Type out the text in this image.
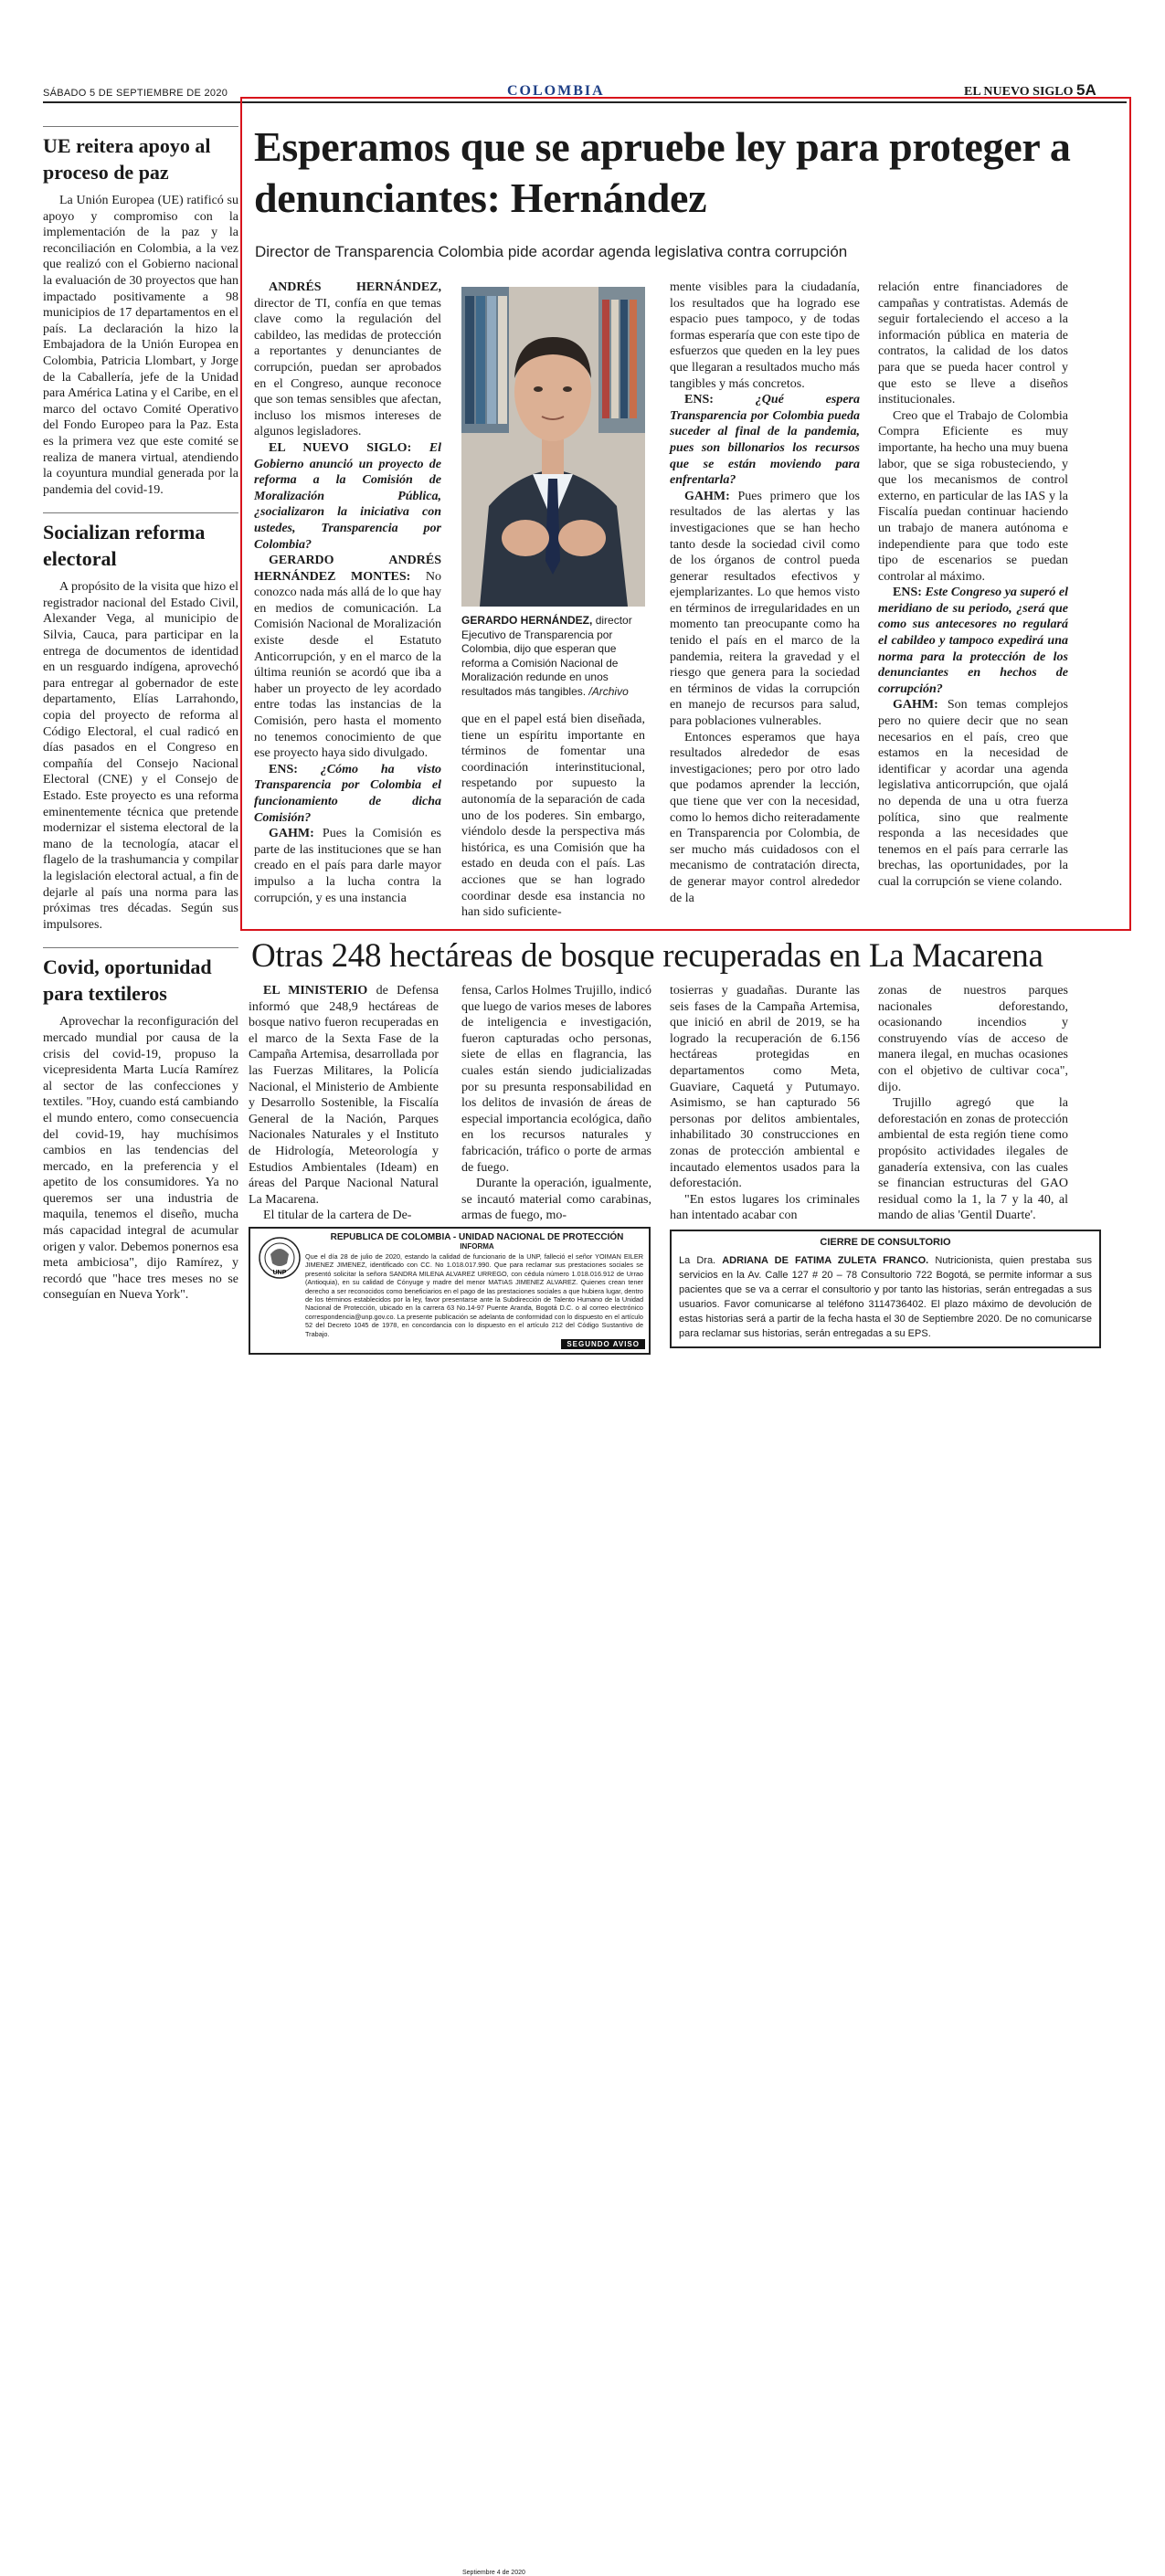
SÁBADO 5 DE SEPTIEMBRE DE 2020	COLOMBIA	EL NUEVO SIGLO 5A
UE reitera apoyo al proceso de paz
La Unión Europea (UE) ratificó su apoyo y compromiso con la implementación de la paz y la reconciliación en Colombia, a la vez que realizó con el Gobierno nacional la evaluación de 30 proyectos que han impactado positivamente a 98 municipios de 17 departamentos en el país. La declaración la hizo la Embajadora de la Unión Europea en Colombia, Patricia Llombart, y Jorge de la Caballería, jefe de la Unidad para América Latina y el Caribe, en el marco del octavo Comité Operativo del Fondo Europeo para la Paz. Esta es la primera vez que este comité se realiza de manera virtual, atendiendo la coyuntura mundial generada por la pandemia del covid-19.
Socializan reforma electoral
A propósito de la visita que hizo el registrador nacional del Estado Civil, Alexander Vega, al municipio de Silvia, Cauca, para participar en la entrega de documentos de identidad en un resguardo indígena, aprovechó para entregar al gobernador de este departamento, Elías Larrahondo, copia del proyecto de reforma al Código Electoral, el cual radicó en días pasados en el Congreso en compañía del Consejo Nacional Electoral (CNE) y el Consejo de Estado. Este proyecto es una reforma eminentemente técnica que pretende modernizar el sistema electoral de la mano de la tecnología, atacar el flagelo de la trashumancia y compilar la legislación electoral actual, a fin de dejarle al país una norma para las próximas tres décadas. Según sus impulsores.
Covid, oportunidad para textileros
Aprovechar la reconfiguración del mercado mundial por causa de la crisis del covid-19, propuso la vicepresidenta Marta Lucía Ramírez al sector de las confecciones y textiles. "Hoy, cuando está cambiando el mundo entero, como consecuencia del covid-19, hay muchísimos cambios en las tendencias del mercado, en la preferencia y el apetito de los consumidores. Ya no queremos ser una industria de maquila, tenemos el diseño, mucha más capacidad integral de acumular origen y valor. Debemos ponernos esa meta ambiciosa", dijo Ramírez, y recordó que "hace tres meses no se conseguían en Nueva York".
Esperamos que se apruebe ley para proteger a denunciantes: Hernández
Director de Transparencia Colombia pide acordar agenda legislativa contra corrupción

ANDRÉS HERNÁNDEZ, director de TI, confía en que temas clave como la regulación del cabildeo, las medidas de protección a reportantes y denunciantes de corrupción, puedan ser aprobados en el Congreso, aunque reconoce que son temas sensibles que afectan, incluso los mismos intereses de algunos legisladores.

EL NUEVO SIGLO: El Gobierno anunció un proyecto de reforma a la Comisión de Moralización Pública, ¿socializaron la iniciativa con ustedes, Transparencia por Colombia?

GERARDO ANDRÉS HERNÁNDEZ MONTES: No conozco nada más allá de lo que hay en medios de comunicación. La Comisión Nacional de Moralización existe desde el Estatuto Anticorrupción, y en el marco de la última reunión se acordó que iba a haber un proyecto de ley acordado entre todas las instancias de la Comisión, pero hasta el momento no tenemos conocimiento de que ese proyecto haya sido divulgado.

ENS: ¿Cómo ha visto Transparencia por Colombia el funcionamiento de dicha Comisión?

GAHM: Pues la Comisión es parte de las instituciones que se han creado en el país para darle mayor impulso a la lucha contra la corrupción, y es una instancia

GERARDO HERNÁNDEZ, director Ejecutivo de Transparencia por Colombia, dijo que esperan que reforma a Comisión Nacional de Moralización redunde en unos resultados más tangibles. /Archivo

que en el papel está bien diseñada, tiene un espíritu importante en términos de fomentar una coordinación interinstitucional, respetando por supuesto la autonomía de la separación de cada uno de los poderes. Sin embargo, viéndolo desde la perspectiva más histórica, es una Comisión que ha estado en deuda con el país. Las acciones que se han logrado coordinar desde esa instancia no han sido suficiente-

mente visibles para la ciudadanía, los resultados que ha logrado ese espacio pues tampoco, y de todas formas esperaría que con este tipo de esfuerzos que queden en la ley pues que llegaran a resultados mucho más tangibles y más concretos.

ENS:	¿Qué espera Transparencia por Colombia pueda suceder al final de la pandemia, pues son billonarios los recursos que se están moviendo para enfrentarla?

GAHM: Pues primero que los resultados de las alertas y las investigaciones que se han hecho tanto desde la sociedad civil como de los órganos de control pueda generar resultados efectivos y ejemplarizantes. Lo que hemos visto en términos de irregularidades en un momento tan preocupante como ha tenido el país en el marco de la pandemia, reitera la gravedad y el riesgo que genera para la sociedad en términos de vidas la corrupción en manejo de recursos para salud, para poblaciones vulnerables.

Entonces esperamos que haya resultados alrededor de esas investigaciones; pero por otro lado que podamos aprender la lección, que tiene que ver con la necesidad, como lo hemos dicho reiteradamente en Transparencia por Colombia, de ser mucho más cuidadosos con el mecanismo de contratación directa, de generar mayor control alrededor de la

relación entre financiadores de campañas y contratistas. Además de seguir fortaleciendo el acceso a la información pública en materia de contratos, la calidad de los datos para que se pueda hacer control y que esto se lleve a diseños institucionales.

Creo que el Trabajo de Colombia Compra Eficiente es muy importante, ha hecho una muy buena labor, que se siga robusteciendo, y que los mecanismos de control externo, en particular de las IAS y la Fiscalía puedan continuar haciendo un trabajo de manera autónoma e independiente para que todo este tipo de escenarios se puedan controlar al máximo.

ENS: Este Congreso ya superó el meridiano de su periodo, ¿será que como sus antecesores no regulará el cabildeo y tampoco expedirá una norma para la protección de los denunciantes en hechos de corrupción?

GAHM: Son temas complejos pero no quiere decir que no sean necesarios en el país, creo que estamos en la necesidad de identificar y acordar una agenda legislativa anticorrupción, que ojalá no dependa de una u otra fuerza política, sino que realmente responda a las necesidades que tenemos en el país para cerrarle las brechas, las oportunidades, por la cual la corrupción se viene colando.

Otras 248 hectáreas de bosque recuperadas en La Macarena

EL MINISTERIO de Defensa informó que 248,9 hectáreas de bosque nativo fueron recuperadas en el marco de la Sexta Fase de la Campaña Artemisa, desarrollada por las Fuerzas Militares, la Policía Nacional, el Ministerio de Ambiente y Desarrollo Sostenible, la Fiscalía General de la Nación, Parques Nacionales Naturales y el Instituto de Hidrología, Meteorología y Estudios Ambientales (Ideam) en áreas del Parque Nacional Natural La Macarena.

El titular de la cartera de De-

fensa, Carlos Holmes Trujillo, indicó que luego de varios meses de labores de inteligencia e investigación, fueron capturadas ocho personas, siete de ellas en flagrancia, las cuales están siendo judicializadas por su presunta responsabilidad en los delitos de invasión de áreas de especial importancia ecológica, daño en los recursos naturales y fabricación, tráfico o porte de armas de fuego.

Durante la operación, igualmente, se incautó material como carabinas, armas de fuego, mo-

tosierras y guadañas. Durante las seis fases de la Campaña Artemisa, que inició en abril de 2019, se ha logrado la recuperación de 6.156 hectáreas protegidas en departamentos como Meta, Guaviare, Caquetá y Putumayo. Asimismo, se han capturado 56 personas por delitos ambientales, inhabilitado 30 construcciones en zonas de protección ambiental e incautado elementos usados para la deforestación.

"En estos lugares los criminales han intentado acabar con

zonas de nuestros parques nacionales deforestando, ocasionando incendios y construyendo vías de acceso de manera ilegal, en muchas ocasiones con el objetivo de cultivar coca", dijo.

Trujillo agregó que la deforestación en zonas de protección ambiental de esta región tiene como propósito actividades ilegales de ganadería extensiva, con las cuales se financian estructuras del GAO residual como la 1, la 7 y la 40, al mando de alias 'Gentil Duarte'.

UNP
REPUBLICA DE COLOMBIA - UNIDAD NACIONAL DE PROTECCIÓN
INFORMA
Que el día 28 de julio de 2020, estando la calidad de funcionario de la UNP, falleció el señor YOIMAN EILER JIMENEZ JIMENEZ, identificado con CC. No 1.018.017.990. Que para reclamar sus prestaciones sociales se presentó solicitar la señora SANDRA MILENA ALVAREZ URREGO, con cédula número 1.018.016.912 de Urrao (Antioquia), en su calidad de Cónyuge y madre del menor MATIAS JIMENEZ ALVAREZ. Quienes crean tener derecho a ser reconocidos como beneficiarios en el pago de las prestaciones sociales a que hubiera lugar, dentro de los términos establecidos por la ley, favor presentarse ante la Subdirección de Talento Humano de la Unidad Nacional de Protección, ubicado en la carrera 63 No.14-97 Puente Aranda, Bogotá D.C. o al correo electrónico correspondencia@unp.gov.co. La presente publicación se adelanta de conformidad con lo dispuesto en el artículo 52 del Decreto 1045 de 1978, en concordancia con lo dispuesto en el artículo 212 del Código Sustantivo de Trabajo.
Septiembre 4 de 2020
SEGUNDO AVISO
CIERRE DE CONSULTORIO
La Dra. ADRIANA DE FATIMA ZULETA FRANCO. Nutricionista, quien prestaba sus servicios en la Av. Calle 127 # 20 – 78 Consultorio 722 Bogotá, se permite informar a sus pacientes que se va a cerrar el consultorio y por tanto las historias, serán entregadas a sus usuarios. Favor comunicarse al teléfono 3114736402. El plazo máximo de devolución de estas historias será a partir de la fecha hasta el 30 de Septiembre 2020. De no comunicarse para reclamar sus historias, serán entregadas a su EPS.
